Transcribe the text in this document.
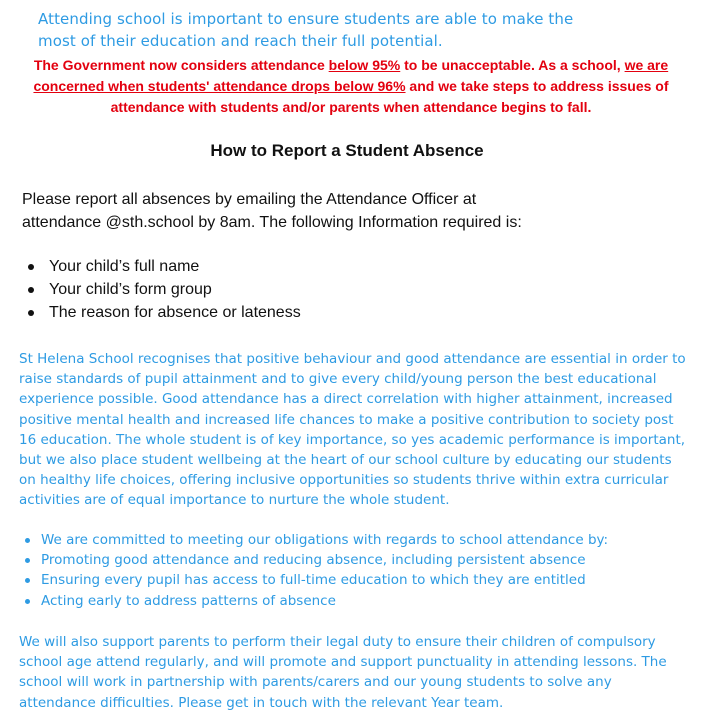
Attending school is important to ensure students are able to make the
most of their education and reach their full potential.
The Government now considers attendance below 95% to be unacceptable. As a school, we are concerned when students' attendance drops below 96% and we take steps to address issues of attendance with students and/or parents when attendance begins to fall.
How to Report a Student Absence
Please report all absences by emailing the Attendance Officer at
attendance @sth.school by 8am. The following Information required is:
Your child’s full name
Your child’s form group
The reason for absence or lateness
St Helena School recognises that positive behaviour and good attendance are essential in order to raise standards of pupil attainment and to give every child/young person the best educational experience possible. Good attendance has a direct correlation with higher attainment, increased positive mental health and increased life chances to make a positive contribution to society post 16 education. The whole student is of key importance, so yes academic performance is important, but we also place student wellbeing at the heart of our school culture by educating our students on healthy life choices, offering inclusive opportunities so students thrive within extra curricular activities are of equal importance to nurture the whole student.
We are committed to meeting our obligations with regards to school attendance by:
Promoting good attendance and reducing absence, including persistent absence
Ensuring every pupil has access to full-time education to which they are entitled
Acting early to address patterns of absence
We will also support parents to perform their legal duty to ensure their children of compulsory school age attend regularly, and will promote and support punctuality in attending lessons. The school will work in partnership with parents/carers and our young students to solve any attendance difficulties. Please get in touch with the relevant Year team.
